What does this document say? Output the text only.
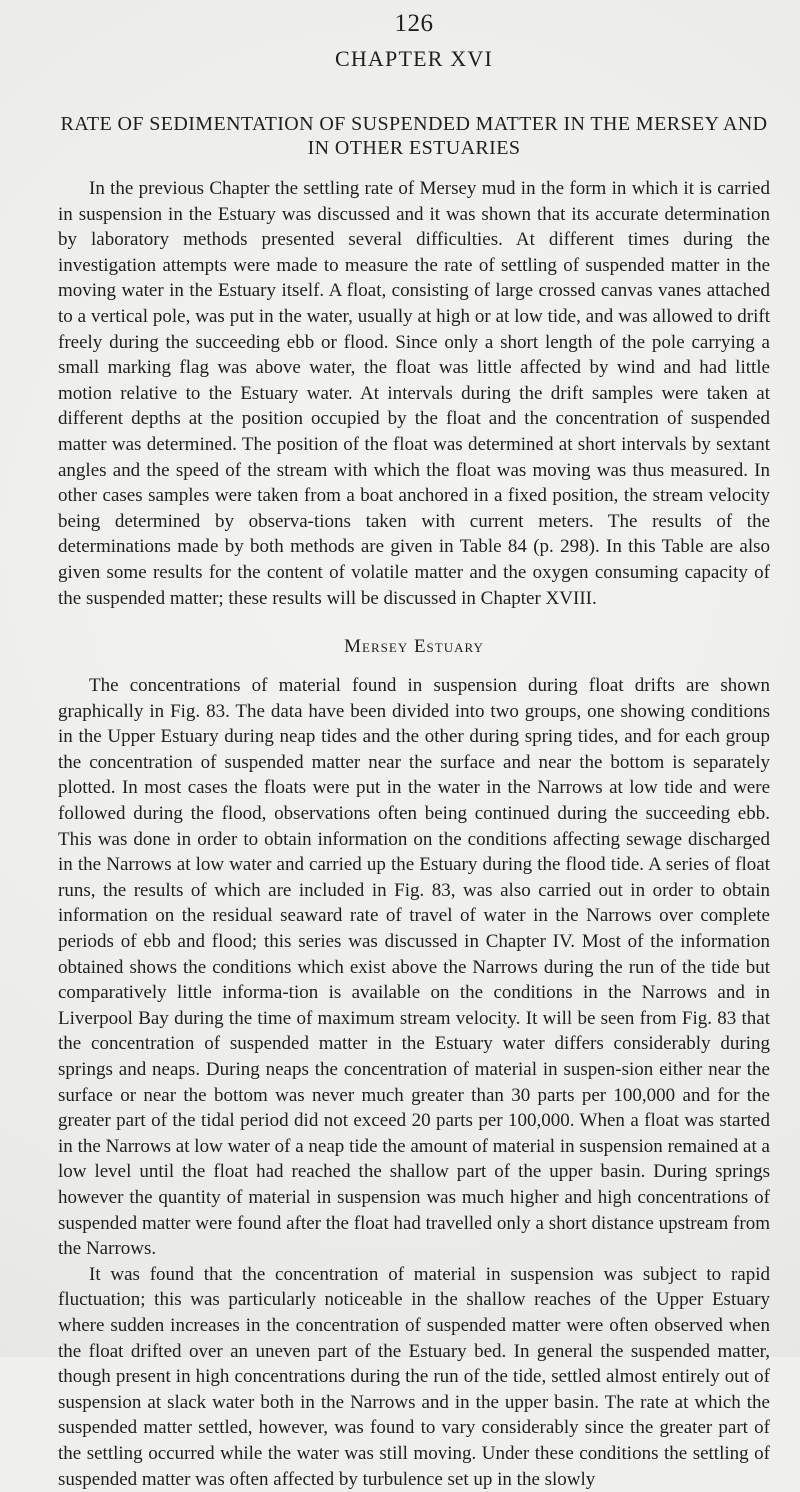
126
CHAPTER XVI
RATE OF SEDIMENTATION OF SUSPENDED MATTER IN THE MERSEY AND IN OTHER ESTUARIES

In the previous Chapter the settling rate of Mersey mud in the form in which it is carried in suspension in the Estuary was discussed and it was shown that its accurate determination by laboratory methods presented several difficulties. At different times during the investigation attempts were made to measure the rate of settling of suspended matter in the moving water in the Estuary itself. A float, consisting of large crossed canvas vanes attached to a vertical pole, was put in the water, usually at high or at low tide, and was allowed to drift freely during the succeeding ebb or flood. Since only a short length of the pole carrying a small marking flag was above water, the float was little affected by wind and had little motion relative to the Estuary water. At intervals during the drift samples were taken at different depths at the position occupied by the float and the concentration of suspended matter was determined. The position of the float was determined at short intervals by sextant angles and the speed of the stream with which the float was moving was thus measured. In other cases samples were taken from a boat anchored in a fixed position, the stream velocity being determined by observa-tions taken with current meters. The results of the determinations made by both methods are given in Table 84 (p. 298). In this Table are also given some results for the content of volatile matter and the oxygen consuming capacity of the suspended matter; these results will be discussed in Chapter XVIII.

Mersey Estuary

The concentrations of material found in suspension during float drifts are shown graphically in Fig. 83. The data have been divided into two groups, one showing conditions in the Upper Estuary during neap tides and the other during spring tides, and for each group the concentration of suspended matter near the surface and near the bottom is separately plotted. In most cases the floats were put in the water in the Narrows at low tide and were followed during the flood, observations often being continued during the succeeding ebb. This was done in order to obtain information on the conditions affecting sewage discharged in the Narrows at low water and carried up the Estuary during the flood tide. A series of float runs, the results of which are included in Fig. 83, was also carried out in order to obtain information on the residual seaward rate of travel of water in the Narrows over complete periods of ebb and flood; this series was discussed in Chapter IV. Most of the information obtained shows the conditions which exist above the Narrows during the run of the tide but comparatively little informa-tion is available on the conditions in the Narrows and in Liverpool Bay during the time of maximum stream velocity. It will be seen from Fig. 83 that the concentration of suspended matter in the Estuary water differs considerably during springs and neaps. During neaps the concentration of material in suspen-sion either near the surface or near the bottom was never much greater than 30 parts per 100,000 and for the greater part of the tidal period did not exceed 20 parts per 100,000. When a float was started in the Narrows at low water of a neap tide the amount of material in suspension remained at a low level until the float had reached the shallow part of the upper basin. During springs however the quantity of material in suspension was much higher and high concentrations of suspended matter were found after the float had travelled only a short distance upstream from the Narrows.

It was found that the concentration of material in suspension was subject to rapid fluctuation; this was particularly noticeable in the shallow reaches of the Upper Estuary where sudden increases in the concentration of suspended matter were often observed when the float drifted over an uneven part of the Estuary bed. In general the suspended matter, though present in high concentrations during the run of the tide, settled almost entirely out of suspension at slack water both in the Narrows and in the upper basin. The rate at which the suspended matter settled, however, was found to vary considerably since the greater part of the settling occurred while the water was still moving. Under these conditions the settling of suspended matter was often affected by turbulence set up in the slowly
